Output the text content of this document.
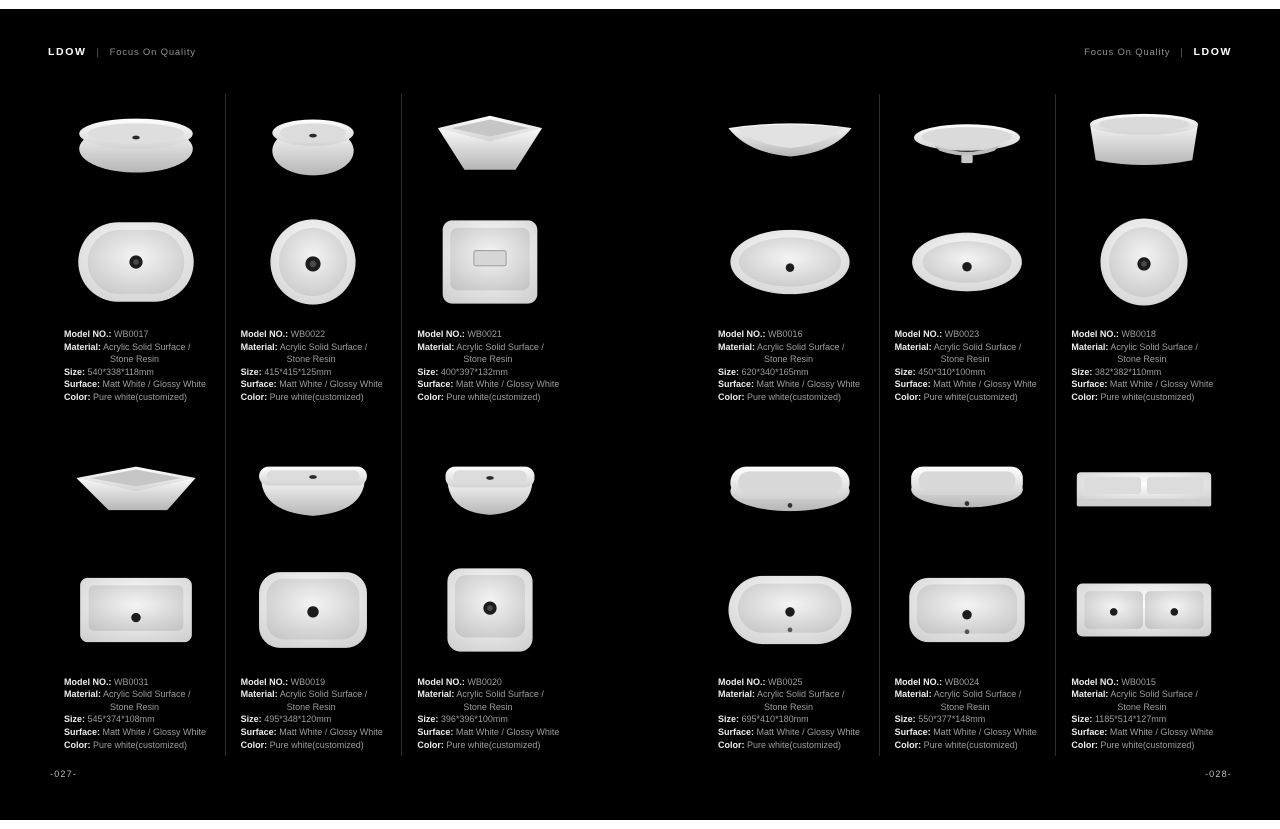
LDOW | Focus On Quality	Focus On Quality | LDOW
Model NO.: WB0017
Material: Acrylic Solid Surface /
Stone Resin
Size: 540*338*118mm
Surface: Matt White / Glossy White
Color: Pure white(customized)
Model NO.: WB0022
Material: Acrylic Solid Surface /
Stone Resin
Size: 415*415*125mm
Surface: Matt White / Glossy White
Color: Pure white(customized)
Model NO.: WB0021
Material: Acrylic Solid Surface /
Stone Resin
Size: 400*397*132mm
Surface: Matt White / Glossy White
Color: Pure white(customized)
Model NO.: WB0031
Material: Acrylic Solid Surface /
Stone Resin
Size: 545*374*108mm
Surface: Matt White / Glossy White
Color: Pure white(customized)
Model NO.: WB0019
Material: Acrylic Solid Surface /
Stone Resin
Size: 495*348*120mm
Surface: Matt White / Glossy White
Color: Pure white(customized)
Model NO.: WB0020
Material: Acrylic Solid Surface /
Stone Resin
Size: 396*396*100mm
Surface: Matt White / Glossy White
Color: Pure white(customized)
Model NO.: WB0016
Material: Acrylic Solid Surface /
Stone Resin
Size: 620*340*165mm
Surface: Matt White / Glossy White
Color: Pure white(customized)
Model NO.: WB0023
Material: Acrylic Solid Surface /
Stone Resin
Size: 450*310*100mm
Surface: Matt White / Glossy White
Color: Pure white(customized)
Model NO.: WB0018
Material: Acrylic Solid Surface /
Stone Resin
Size: 382*382*110mm
Surface: Matt White / Glossy White
Color: Pure white(customized)
Model NO.: WB0025
Material: Acrylic Solid Surface /
Stone Resin
Size: 695*410*180mm
Surface: Matt White / Glossy White
Color: Pure white(customized)
Model NO.: WB0024
Material: Acrylic Solid Surface /
Stone Resin
Size: 550*377*148mm
Surface: Matt White / Glossy White
Color: Pure white(customized)
Model NO.: WB0015
Material: Acrylic Solid Surface /
Stone Resin
Size: 1185*514*127mm
Surface: Matt White / Glossy White
Color: Pure white(customized)
-027-	-028-
